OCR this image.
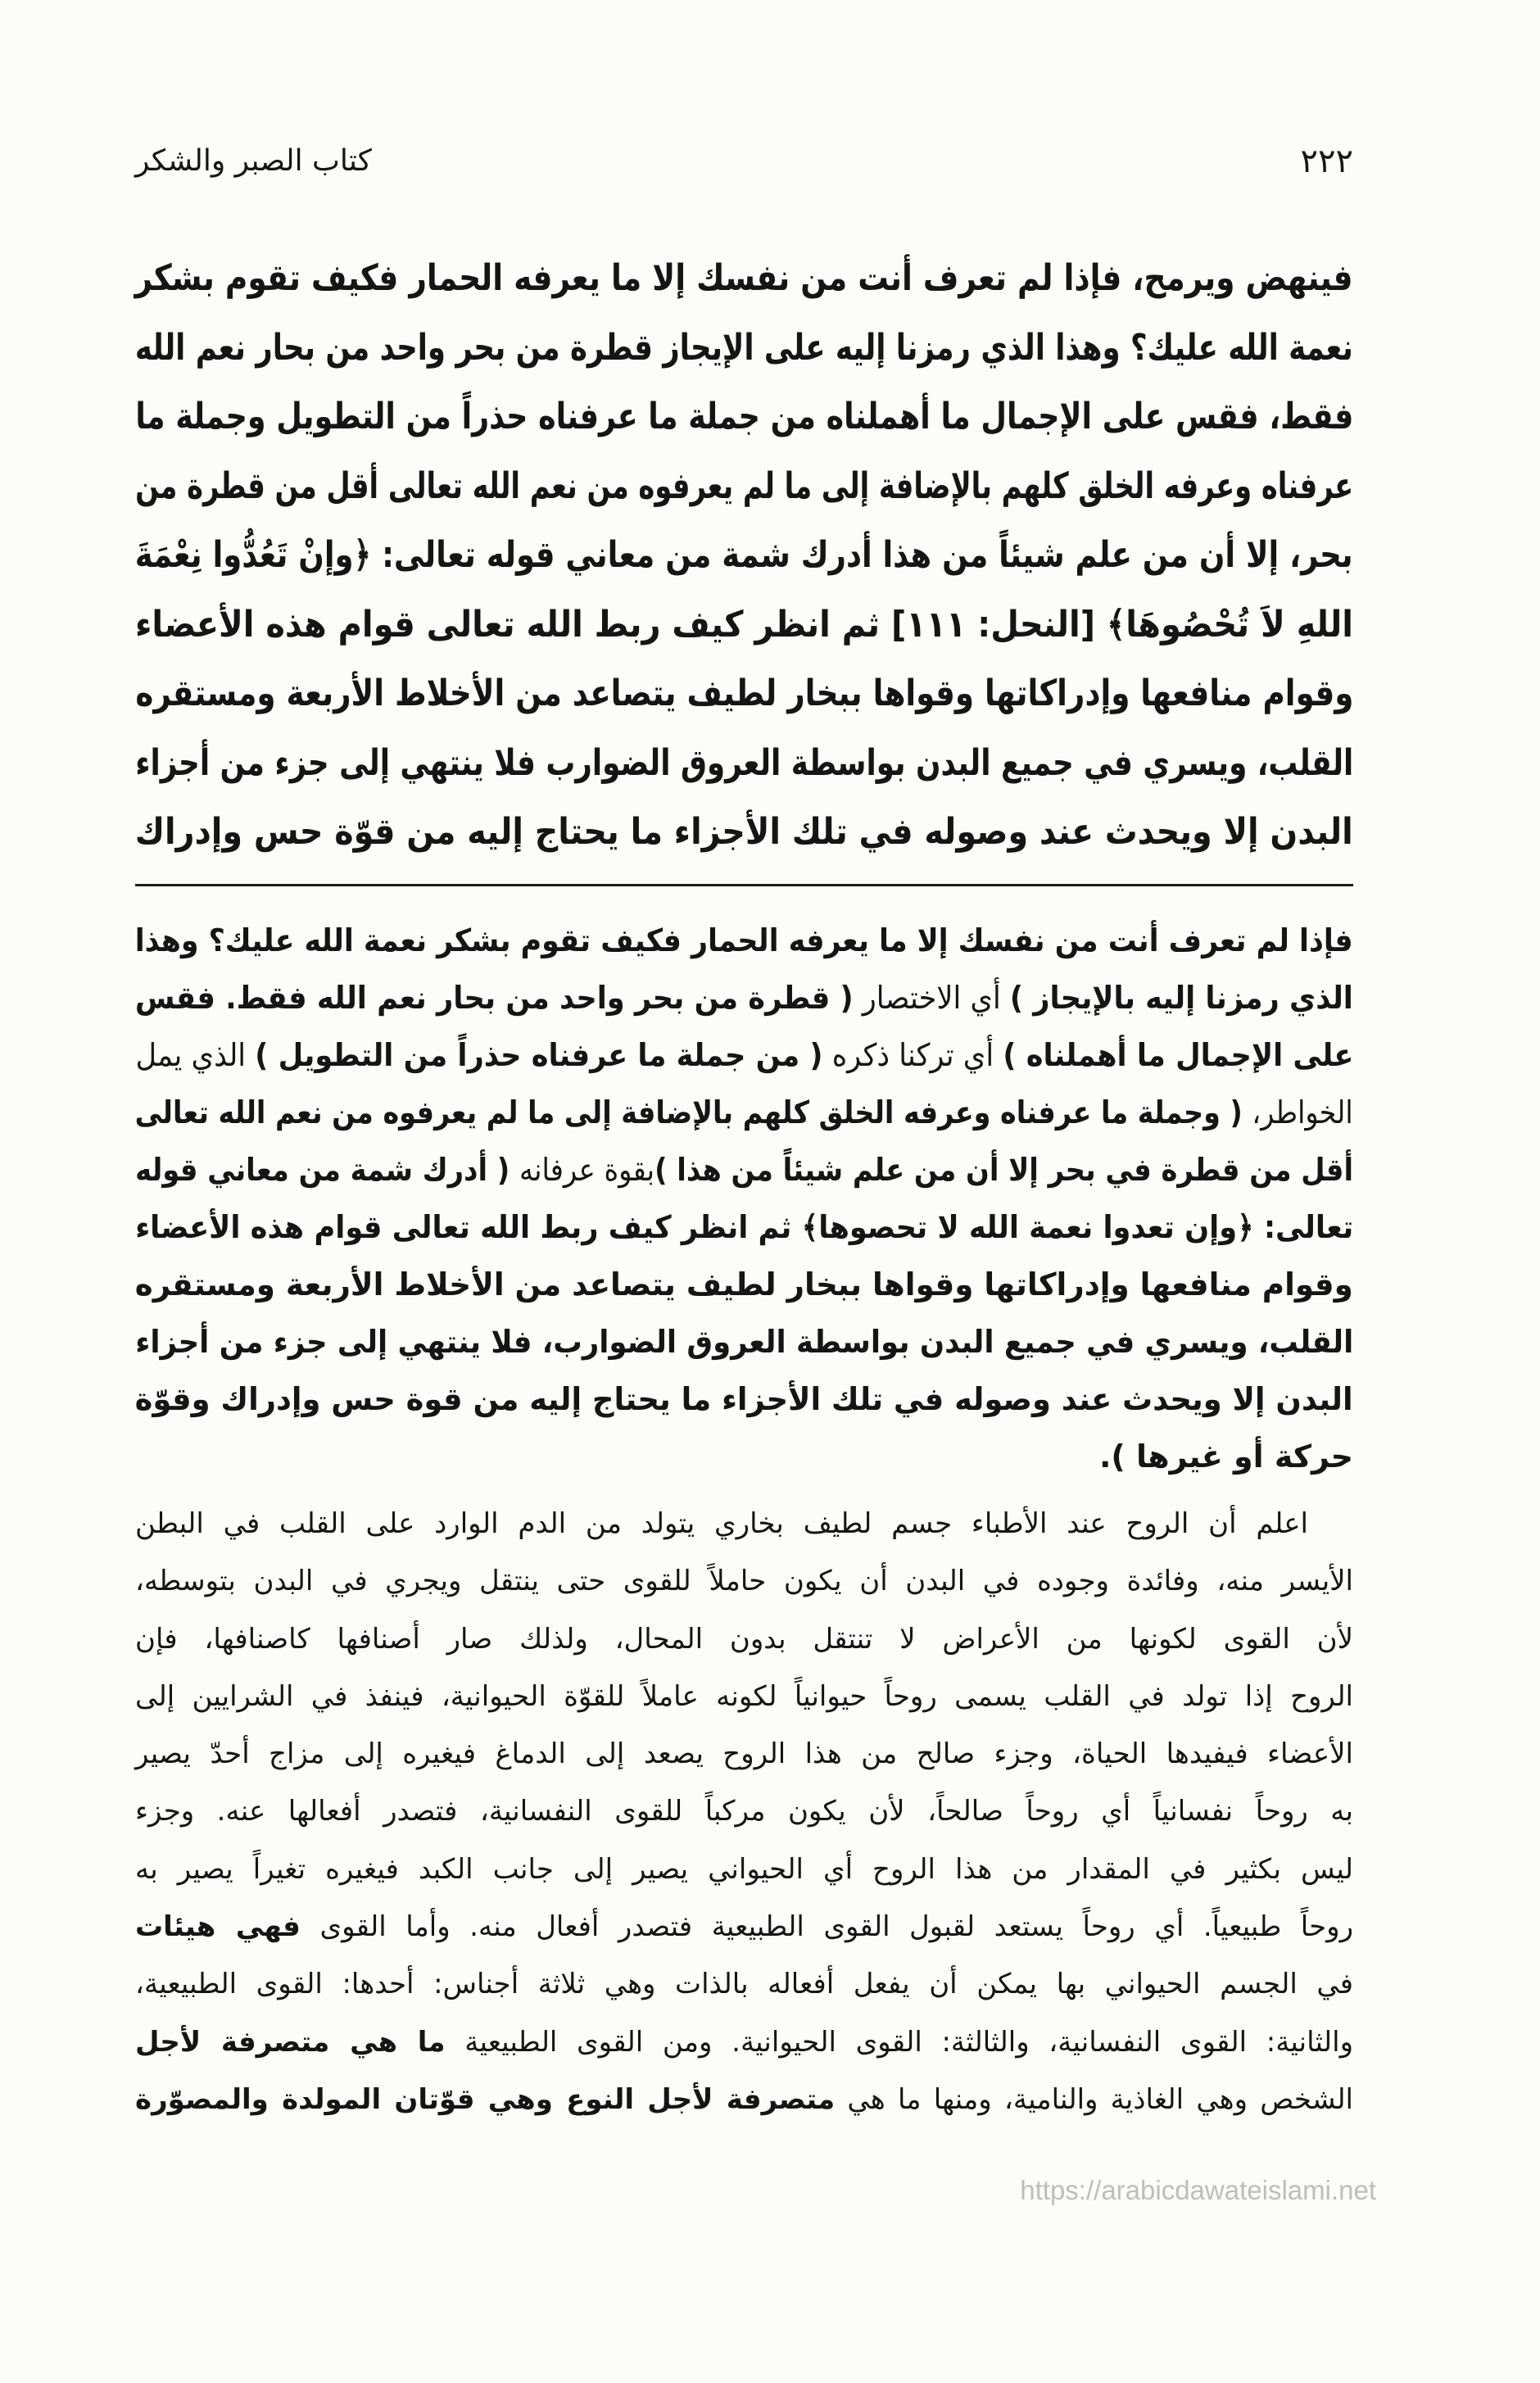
كتاب الصبر والشكر	٢٢٢
فينهض ويرمح، فإذا لم تعرف أنت من نفسك إلا ما يعرفه الحمار فكيف تقوم بشكر
نعمة الله عليك؟ وهذا الذي رمزنا إليه على الإيجاز قطرة من بحر واحد من بحار نعم الله
فقط، فقس على الإجمال ما أهملناه من جملة ما عرفناه حذراً من التطويل وجملة ما
عرفناه وعرفه الخلق كلهم بالإضافة إلى ما لم يعرفوه من نعم الله تعالى أقل من قطرة من
بحر، إلا أن من علم شيئاً من هذا أدرك شمة من معاني قوله تعالى: ﴿وإنْ تَعُدُّوا نِعْمَةَ
اللهِ لاَ تُحْصُوهَا﴾ [النحل: ١١١] ثم انظر كيف ربط الله تعالى قوام هذه الأعضاء
وقوام منافعها وإدراكاتها وقواها ببخار لطيف يتصاعد من الأخلاط الأربعة ومستقره
القلب، ويسري في جميع البدن بواسطة العروق الضوارب فلا ينتهي إلى جزء من أجزاء
البدن إلا ويحدث عند وصوله في تلك الأجزاء ما يحتاج إليه من قوّة حس وإدراك
فإذا لم تعرف أنت من نفسك إلا ما يعرفه الحمار فكيف تقوم بشكر نعمة الله عليك؟ وهذا
الذي رمزنا إليه بالإيجاز ) أي الاختصار ( قطرة من بحر واحد من بحار نعم الله فقط. فقس
على الإجمال ما أهملناه ) أي تركنا ذكره ( من جملة ما عرفناه حذراً من التطويل ) الذي يمل
الخواطر، ( وجملة ما عرفناه وعرفه الخلق كلهم بالإضافة إلى ما لم يعرفوه من نعم الله تعالى
أقل من قطرة في بحر إلا أن من علم شيئاً من هذا )بقوة عرفانه ( أدرك شمة من معاني قوله
تعالى: ﴿وإن تعدوا نعمة الله لا تحصوها﴾ ثم انظر كيف ربط الله تعالى قوام هذه الأعضاء
وقوام منافعها وإدراكاتها وقواها ببخار لطيف يتصاعد من الأخلاط الأربعة ومستقره
القلب، ويسري في جميع البدن بواسطة العروق الضوارب، فلا ينتهي إلى جزء من أجزاء
البدن إلا ويحدث عند وصوله في تلك الأجزاء ما يحتاج إليه من قوة حس وإدراك وقوّة
حركة أو غيرها ).
اعلم أن الروح عند الأطباء جسم لطيف بخاري يتولد من الدم الوارد على القلب في البطن
الأيسر منه، وفائدة وجوده في البدن أن يكون حاملاً للقوى حتى ينتقل ويجري في البدن بتوسطه،
لأن القوى لكونها من الأعراض لا تنتقل بدون المحال، ولذلك صار أصنافها كاصنافها، فإن
الروح إذا تولد في القلب يسمى روحاً حيوانياً لكونه عاملاً للقوّة الحيوانية، فينفذ في الشرايين إلى
الأعضاء فيفيدها الحياة، وجزء صالح من هذا الروح يصعد إلى الدماغ فيغيره إلى مزاج أحدّ يصير
به روحاً نفسانياً أي روحاً صالحاً، لأن يكون مركباً للقوى النفسانية، فتصدر أفعالها عنه. وجزء
ليس بكثير في المقدار من هذا الروح أي الحيواني يصير إلى جانب الكبد فيغيره تغيراً يصير به
روحاً طبيعياً. أي روحاً يستعد لقبول القوى الطبيعية فتصدر أفعال منه. وأما القوى فهي هيئات
في الجسم الحيواني بها يمكن أن يفعل أفعاله بالذات وهي ثلاثة أجناس: أحدها: القوى الطبيعية،
والثانية: القوى النفسانية، والثالثة: القوى الحيوانية. ومن القوى الطبيعية ما هي متصرفة لأجل
الشخص وهي الغاذية والنامية، ومنها ما هي متصرفة لأجل النوع وهي قوّتان المولدة والمصوّرة
https://arabicdawateislami.net
